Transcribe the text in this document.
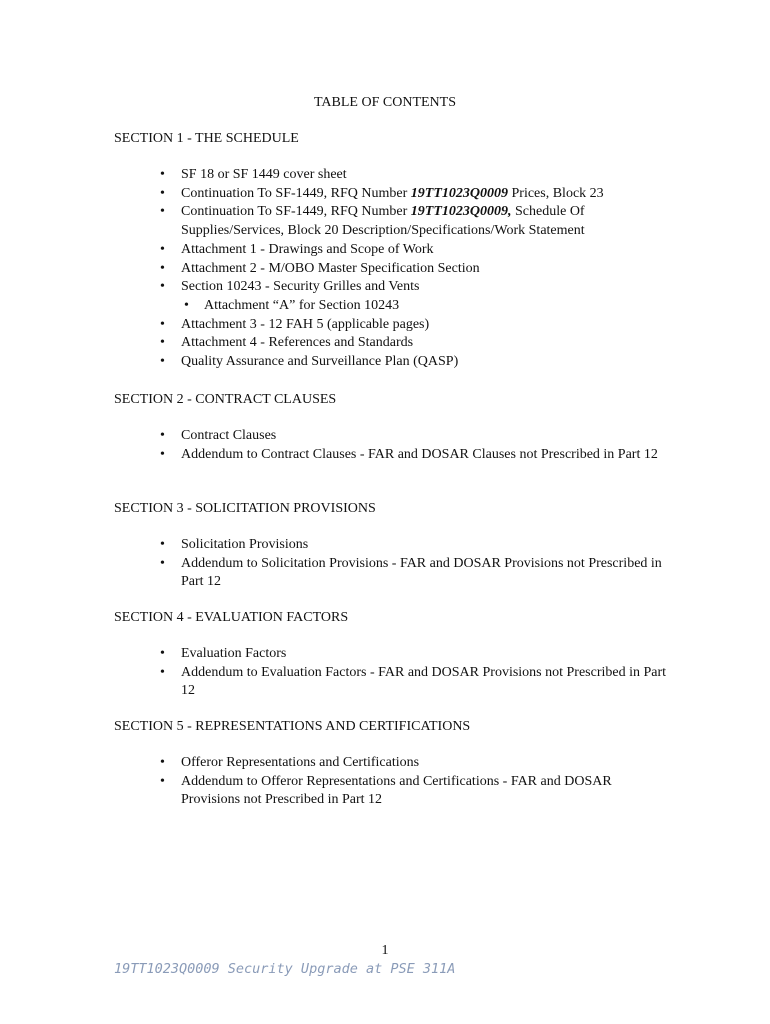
TABLE OF CONTENTS
SECTION 1 - THE SCHEDULE
• SF 18 or SF 1449 cover sheet
• Continuation To SF-1449, RFQ Number 19TT1023Q0009 Prices, Block 23
• Continuation To SF-1449, RFQ Number 19TT1023Q0009, Schedule Of Supplies/Services, Block 20 Description/Specifications/Work Statement
• Attachment 1 - Drawings and Scope of Work
• Attachment 2 - M/OBO Master Specification Section
• Section 10243 - Security Grilles and Vents
• Attachment “A” for Section 10243
• Attachment 3 - 12 FAH 5 (applicable pages)
• Attachment 4 - References and Standards
• Quality Assurance and Surveillance Plan (QASP)
SECTION 2 - CONTRACT CLAUSES
• Contract Clauses
• Addendum to Contract Clauses - FAR and DOSAR Clauses not Prescribed in Part 12
SECTION 3 - SOLICITATION PROVISIONS
• Solicitation Provisions
• Addendum to Solicitation Provisions - FAR and DOSAR Provisions not Prescribed in Part 12
SECTION 4 - EVALUATION FACTORS
• Evaluation Factors
• Addendum to Evaluation Factors - FAR and DOSAR Provisions not Prescribed in Part 12
SECTION 5 - REPRESENTATIONS AND CERTIFICATIONS
• Offeror Representations and Certifications
• Addendum to Offeror Representations and Certifications - FAR and DOSAR Provisions not Prescribed in Part 12
1
19TT1023Q0009 Security Upgrade at PSE 311A
